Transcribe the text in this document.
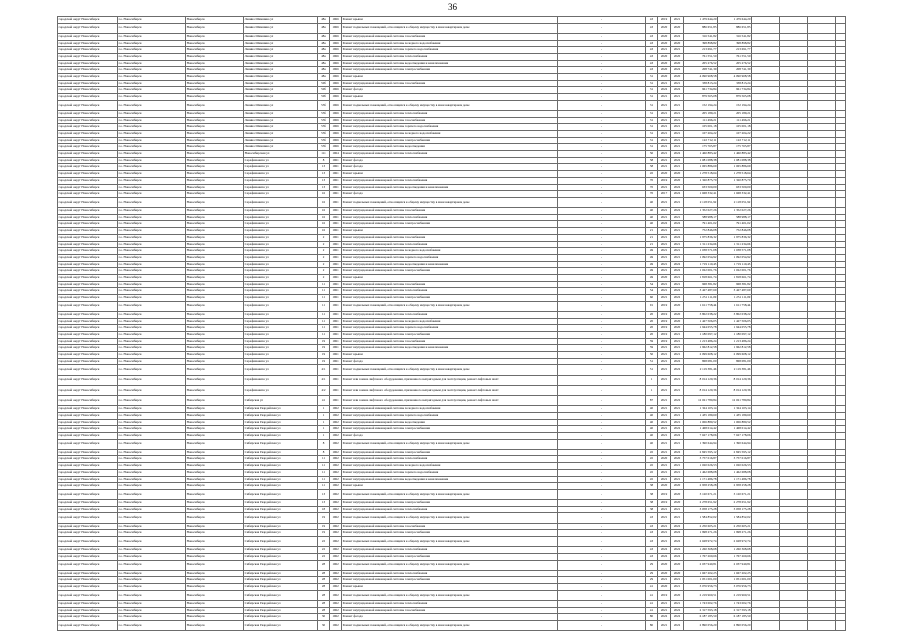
36
городской округ Новосибирск	г.о. Новосибирск	Новосибирск	Ленина Шамшина ул	48а	1966	Ремонт крыши	-	43	2019	2021	1 479 644,20	1 479 644,20				
городской округ Новосибирск	г.о. Новосибирск	Новосибирск	Ленина Шамшина ул	48а	1966	Ремонт подвальных помещений, относящихся к общему имуществу в многоквартирном доме	-	43	2020	2020	886 651,85	886 651,85				
городской округ Новосибирск	г.о. Новосибирск	Новосибирск	Ленина Шамшина ул	48а	1966	Ремонт внутридомовой инженерной системы газоснабжения	-	43	2020	2022	316 541,82	316 541,82				
городской округ Новосибирск	г.о. Новосибирск	Новосибирск	Ленина Шамшина ул	48а	1966	Ремонт внутридомовой инженерной системы холодного водоснабжения	-	43	2020	2020	398 898,82	398 898,82				
городской округ Новосибирск	г.о. Новосибирск	Новосибирск	Ленина Шамшина ул	48а	1966	Ремонт внутридомовой инженерной системы горячего водоснабжения	-	43	2021	2021	213 691,77	213 691,77				
городской округ Новосибирск	г.о. Новосибирск	Новосибирск	Ленина Шамшина ул	48а	1966	Ремонт внутридомовой инженерной системы теплоснабжения	-	43	2020	2020	761 551,50	761 551,50				
городской округ Новосибирск	г.о. Новосибирск	Новосибирск	Ленина Шамшина ул	48а	1966	Ремонт внутридомовой инженерной системы водоотведения и канализования	-	43	2020	2020	205 276,52	205 276,52				
городской округ Новосибирск	г.о. Новосибирск	Новосибирск	Ленина Шамшина ул	48а	1966	Ремонт внутридомовой инженерной системы электроснабжения	-	43	2020	2022	208 741,39	208 741,39				
городской округ Новосибирск	г.о. Новосибирск	Новосибирск	Ленина Шамшина ул	48а	1966	Ремонт крыши	-	31	2020	2020	4 090 968,58	4 090 968,58				
городской округ Новосибирск	г.о. Новосибирск	Новосибирск	Ленина Шамшина ул	50б	1966	Ремонт внутридомовой инженерной системы газоснабжения	-	31	2021	2021	338 813,24	338 813,24				
городской округ Новосибирск	г.о. Новосибирск	Новосибирск	Ленина Шамшина ул	50б	1966	Ремонт фасада	-	31	2022	2022	961 734,84	961 734,84				
городской округ Новосибирск	г.о. Новосибирск	Новосибирск	Ленина Шамшина ул	50б	1966	Ремонт крыши	-	31	2021	2021	879 565,08	879 565,08				
городской округ Новосибирск	г.о. Новосибирск	Новосибирск	Ленина Шамшина ул	53б	1966	Ремонт подвальных помещений, относящихся к общему имуществу в многоквартирном доме	-	31	2021	2021	152 194,24	152 194,24				
городской округ Новосибирск	г.о. Новосибирск	Новосибирск	Ленина Шамшина ул	53б	1966	Ремонт внутридомовой инженерной системы теплоснабжения	-	31	2021	2021	205 189,21	205 189,21				
городской округ Новосибирск	г.о. Новосибирск	Новосибирск	Ленина Шамшина ул	53б	1966	Ремонт внутридомовой инженерной системы газоснабжения	-	31	2021	2021	111 496,21	111 496,21				
городской округ Новосибирск	г.о. Новосибирск	Новосибирск	Ленина Шамшина ул	53б	1966	Ремонт внутридомовой инженерной системы горячего водоснабжения	-	31	2021	2021	105 001,18	105 001,18				
городской округ Новосибирск	г.о. Новосибирск	Новосибирск	Ленина Шамшина ул	53б	1966	Ремонт внутридомовой инженерной системы холодного водоснабжения	-	31	2021	2021	107 204,22	107 204,22				
городской округ Новосибирск	г.о. Новосибирск	Новосибирск	Ленина Шамшина ул	53б	1966	Ремонт внутридомовой инженерной системы электроснабжения	-	31	2021	2021	122 712,11	122 712,11				
городской округ Новосибирск	г.о. Новосибирск	Новосибирск	Ленина Шамшина ул	53б	1966	Ремонт внутридомовой инженерной системы водоотведения	-	31	2021	2021	175 765,87	175 765,87				
городской округ Новосибирск	г.о. Новосибирск	Новосибирск	Новосибирская ул	111	1964	Ремонт внутридомовой инженерной системы теплоснабжения	-	50	2021	2022	1 460 883,42	1 460 883,42				
городской округ Новосибирск	г.о. Новосибирск	Новосибирск	Серафимовича ул	8	1961	Ремонт фасада	-	58	2021	2022	1 081 088,38	1 081 088,38				
городской округ Новосибирск	г.о. Новосибирск	Новосибирск	Серафимовича ул	13	1961	Ремонт фасада	-	58	2021	2021	1 065 886,69	1 065 886,69				
городской округ Новосибирск	г.о. Новосибирск	Новосибирск	Серафимовича ул	13	1961	Ремонт крыши	-	45	2020	2020	1 278 518,64	1 278 518,64				
городской округ Новосибирск	г.о. Новосибирск	Новосибирск	Серафимовича ул	13	1961	Ремонт внутридомовой инженерной системы теплоснабжения	-	70	2019	2020	1 320 875,70	1 320 875,70				
городской округ Новосибирск	г.о. Новосибирск	Новосибирск	Серафимовича ул	13	1961	Ремонт внутридомовой инженерной системы водоотведения и канализования	-	70	2021	2022	633 500,00	633 500,00				
городской округ Новосибирск	г.о. Новосибирск	Новосибирск	Серафимовича ул	16	1961	Ремонт фасада	-	70	2017	2022	1 668 332,41	1 668 332,41				
городской округ Новосибирск	г.о. Новосибирск	Новосибирск	Серафимовича ул	16	1961	Ремонт подвальных помещений, относящихся к общему имуществу в многоквартирном доме	-	40	2021	2021	2 118 051,92	2 118 051,92				
городской округ Новосибирск	г.о. Новосибирск	Новосибирск	Серафимовича ул	16	1961	Ремонт внутридомовой инженерной системы газоснабжения	-	40	2021	2022	1 352 027,26	1 352 027,26				
городской округ Новосибирск	г.о. Новосибирск	Новосибирск	Серафимовича ул	16	1961	Ремонт внутридомовой инженерной системы теплоснабжения	-	40	2021	2021	588 988,17	588 988,17				
городской округ Новосибирск	г.о. Новосибирск	Новосибирск	Серафимовича ул	16	1961	Ремонт внутридомовой инженерной системы электроснабжения	-	40	2022	2022	791 401,02	791 401,02				
городской округ Новосибирск	г.о. Новосибирск	Новосибирск	Серафимовича ул	16	1961	Ремонт крыши	-	21	2021	2021	752 846,08	752 846,08				
городской округ Новосибирск	г.о. Новосибирск	Новосибирск	Серафимовича ул	2	1961	Ремонт внутридомовой инженерной системы газоснабжения	-	21	2021	2022	1 975 836,32	1 975 836,32				
городской округ Новосибирск	г.о. Новосибирск	Новосибирск	Серафимовича ул	2	1961	Ремонт внутридомовой инженерной системы теплоснабжения	-	21	2021	2021	1 311 234,66	1 311 234,66				
городской округ Новосибирск	г.о. Новосибирск	Новосибирск	Серафимовича ул	2	1961	Ремонт внутридомовой инженерной системы холодного водоснабжения	-	49	2021	2021	1 038 571,08	1 038 571,08				
городской округ Новосибирск	г.о. Новосибирск	Новосибирск	Серафимовича ул	2	1961	Ремонт внутридомовой инженерной системы горячего водоснабжения	-	49	2021	2021	1 092 054,92	1 092 054,92				
городской округ Новосибирск	г.о. Новосибирск	Новосибирск	Серафимовича ул	2	1961	Ремонт внутридомовой инженерной системы водоотведения и канализования	-	49	2021	2022	1 719 110,43	1 719 110,43				
городской округ Новосибирск	г.о. Новосибирск	Новосибирск	Серафимовича ул	2	1961	Ремонт внутридомовой инженерной системы электроснабжения	-	49	2021	2022	1 022 001,76	1 022 001,76				
городской округ Новосибирск	г.о. Новосибирск	Новосибирск	Серафимовича ул	2	1961	Ремонт крыши	-	49	2020	2021	1 818 661,74	1 818 661,74				
городской округ Новосибирск	г.о. Новосибирск	Новосибирск	Серафимовича ул	11	1961	Ремонт внутридомовой инженерной системы газоснабжения	-	54	2021	2021	968 381,82	968 381,82				
городской округ Новосибирск	г.о. Новосибирск	Новосибирск	Серафимовича ул	11	1961	Ремонт внутридомовой инженерной системы теплоснабжения	-	54	2021	2022	3 427 487,69	3 427 487,69				
городской округ Новосибирск	г.о. Новосибирск	Новосибирск	Серафимовича ул	11	1961	Ремонт внутридомовой инженерной системы электроснабжения	-	60	2021	2022	1 251 111,09	1 251 111,09				
городской округ Новосибирск	г.о. Новосибирск	Новосибирск	Серафимовича ул	11	1961	Ремонт подвальных помещений, относящихся к общему имуществу в многоквартирном доме	-	91	2019	2020	1 611 758,44	1 611 758,44				
городской округ Новосибирск	г.о. Новосибирск	Новосибирск	Серафимовича ул	11	1961	Ремонт внутридомовой инженерной системы теплоснабжения	-	20	2019	2020	3 802 038,22	3 802 038,22				
городской округ Новосибирск	г.о. Новосибирск	Новосибирск	Серафимовича ул	11	1961	Ремонт внутридомовой инженерной системы холодного водоснабжения	-	20	2019	2020	1 427 506,05	1 427 506,05				
городской округ Новосибирск	г.о. Новосибирск	Новосибирск	Серафимовича ул	11	1961	Ремонт внутридомовой инженерной системы горячего водоснабжения	-	20	2019	2020	1 944 055,78	1 944 055,78				
городской округ Новосибирск	г.о. Новосибирск	Новосибирск	Серафимовича ул	11	1961	Ремонт внутридомовой инженерной системы электроснабжения	-	20	2019	2021	1 180 097,12	1 180 097,12				
городской округ Новосибирск	г.о. Новосибирск	Новосибирск	Серафимовича ул	19	1961	Ремонт внутридомовой инженерной системы газоснабжения	-	59	2019	2021	1 213 486,24	1 213 486,24				
городской округ Новосибирск	г.о. Новосибирск	Новосибирск	Серафимовича ул	19	1961	Ремонт внутридомовой инженерной системы водоотведения и канализования	-	59	2021	2021	1 962 812,58	1 962 812,58				
городской округ Новосибирск	г.о. Новосибирск	Новосибирск	Серафимовича ул	19	1961	Ремонт крыши	-	50	2021	2021	2 099 608,12	2 099 608,12				
городской округ Новосибирск	г.о. Новосибирск	Новосибирск	Серафимовича ул	19	1961	Ремонт фасада	-	51	2021	2022	868 081,00	868 081,00				
городской округ Новосибирск	г.о. Новосибирск	Новосибирск	Серафимовича ул	4/1	1961	Ремонт подвальных помещений, относящихся к общему имуществу в многоквартирном доме	-	51	2021	2022	2 119 381,46	2 119 381,46				
городской округ Новосибирск	г.о. Новосибирск	Новосибирск	Серафимовича ул	4/1	1961	Ремонт или замена лифтового оборудования, признанного непригодным для эксплуатации, ремонт лифтовых шахт	-	1	2021	2021	8 014 120,36	8 014 120,36				
городской округ Новосибирск	г.о. Новосибирск	Новосибирск	Серафимовича ул	4/2	1961	Ремонт или замена лифтового оборудования, признанного непригодным для эксплуатации, ремонт лифтовых шахт	-	1	2021	2021	8 014 120,36	8 014 120,36				
городской округ Новосибирск	г.о. Новосибирск	Новосибирск	Сибирская ул	41	1961	Ремонт или замена лифтового оборудования, признанного непригодным для эксплуатации, ремонт лифтовых шахт	-	87	2021	2022	12 021 780,84	12 021 780,84				
городской округ Новосибирск	г.о. Новосибирск	Новосибирск	Сибирская Гвардейская ул	1	1962	Ремонт внутридомовой инженерной системы холодного водоснабжения	-	40	2021	2021	1 324 103,14	1 324 103,14				
городской округ Новосибирск	г.о. Новосибирск	Новосибирск	Сибирская Гвардейская ул	1	1962	Ремонт внутридомовой инженерной системы горячего водоснабжения	-	40	2021	2021	1 435 189,60	1 435 189,60				
городской округ Новосибирск	г.о. Новосибирск	Новосибирск	Сибирская Гвардейская ул	1	1962	Ремонт внутридомовой инженерной системы водоотведения	-	40	2021	2021	1 006 880,52	1 006 880,52				
городской округ Новосибирск	г.о. Новосибирск	Новосибирск	Сибирская Гвардейская ул	1	1962	Ремонт внутридомовой инженерной системы электроснабжения	-	40	2021	2022	1 468 014,42	1 468 014,42				
городской округ Новосибирск	г.о. Новосибирск	Новосибирск	Сибирская Гвардейская ул	1	1962	Ремонт фасада	-	40	2021	2022	7 627 178,06	7 627 178,06				
городской округ Новосибирск	г.о. Новосибирск	Новосибирск	Сибирская Гвардейская ул	8	1962	Ремонт подвальных помещений, относящихся к общему имуществу в многоквартирном доме	-	40	2021	2021	1 390 644,94	1 390 644,94				
городской округ Новосибирск	г.о. Новосибирск	Новосибирск	Сибирская Гвардейская ул	8	1962	Ремонт внутридомовой инженерной системы электроснабжения	-	45	2021	2022	2 845 595,12	2 845 595,12				
городской округ Новосибирск	г.о. Новосибирск	Новосибирск	Сибирская Гвардейская ул	11	1962	Ремонт внутридомовой инженерной системы теплоснабжения	-	45	2020	2020	3 757 016,87	3 757 016,87				
городской округ Новосибирск	г.о. Новосибирск	Новосибирск	Сибирская Гвардейская ул	11	1962	Ремонт внутридомовой инженерной системы холодного водоснабжения	-	45	2021	2021	1 020 026,53	1 020 026,53				
городской округ Новосибирск	г.о. Новосибирск	Новосибирск	Сибирская Гвардейская ул	11	1962	Ремонт внутридомовой инженерной системы горячего водоснабжения	-	45	2021	2021	1 462 688,08	1 462 688,08				
городской округ Новосибирск	г.о. Новосибирск	Новосибирск	Сибирская Гвардейская ул	11	1962	Ремонт внутридомовой инженерной системы водоотведения и канализования	-	45	2021	2021	1 171 486,78	1 171 486,78				
городской округ Новосибирск	г.о. Новосибирск	Новосибирск	Сибирская Гвардейская ул	11	1962	Ремонт крыши	-	38	2020	2020	2 958 258,28	2 958 258,28				
городской округ Новосибирск	г.о. Новосибирск	Новосибирск	Сибирская Гвардейская ул	13	1962	Ремонт подвальных помещений, относящихся к общему имуществу в многоквартирном доме	-	38	2019	2020	3 120 671,21	3 120 671,21				
городской округ Новосибирск	г.о. Новосибирск	Новосибирск	Сибирская Гвардейская ул	13	1962	Ремонт внутридомовой инженерной системы электроснабжения	-	38	2019	2020	2 278 651,92	2 278 651,92				
городской округ Новосибирск	г.о. Новосибирск	Новосибирск	Сибирская Гвардейская ул	18	1962	Ремонт внутридомовой инженерной системы теплоснабжения	-	38	2021	2021	3 058 175,28	3 058 175,28				
городской округ Новосибирск	г.о. Новосибирск	Новосибирск	Сибирская Гвардейская ул	19	1962	Ремонт подвальных помещений, относящихся к общему имуществу в многоквартирном доме	-	43	2021	2021	1 584 852,02	1 584 852,02				
городской округ Новосибирск	г.о. Новосибирск	Новосибирск	Сибирская Гвардейская ул	19	1962	Ремонт внутридомовой инженерной системы газоснабжения	-	43	2021	2022	2 250 605,21	2 250 605,21				
городской округ Новосибирск	г.о. Новосибирск	Новосибирск	Сибирская Гвардейская ул	19	1962	Ремонт внутридомовой инженерной системы электроснабжения	-	43	2021	2022	1 998 271,26	1 998 271,26				
городской округ Новосибирск	г.о. Новосибирск	Новосибирск	Сибирская Гвардейская ул	22	1962	Ремонт подвальных помещений, относящихся к общему имуществу в многоквартирном доме	-	43	2021	2022	2 628 972,74	2 628 972,74				
городской округ Новосибирск	г.о. Новосибирск	Новосибирск	Сибирская Гвардейская ул	22	1962	Ремонт внутридомовой инженерной системы теплоснабжения	-	43	2022	2022	1 260 368,68	1 260 368,68				
городской округ Новосибирск	г.о. Новосибирск	Новосибирск	Сибирская Гвардейская ул	22	1962	Ремонт внутридомовой инженерной системы электроснабжения	-	43	2022	2022	1 767 260,66	1 767 260,66				
городской округ Новосибирск	г.о. Новосибирск	Новосибирск	Сибирская Гвардейская ул	28	1962	Ремонт подвальных помещений, относящихся к общему имуществу в многоквартирном доме	-	29	2020	2020	2 037 940,81	2 037 940,81				
городской округ Новосибирск	г.о. Новосибирск	Новосибирск	Сибирская Гвардейская ул	28	1962	Ремонт внутридомовой инженерной системы теплоснабжения	-	29	2020	2020	1 667 202,25	1 667 202,25				
городской округ Новосибирск	г.о. Новосибирск	Новосибирск	Сибирская Гвардейская ул	28	1962	Ремонт внутридомовой инженерной системы электроснабжения	-	29	2021	2021	1 051 001,00	1 051 001,00				
городской округ Новосибирск	г.о. Новосибирск	Новосибирск	Сибирская Гвардейская ул	28	1962	Ремонт крыши	-	41	2020	2021	3 076 956,73	3 076 956,73				
городской округ Новосибирск	г.о. Новосибирск	Новосибирск	Сибирская Гвардейская ул	28	1962	Ремонт подвальных помещений, относящихся к общему имуществу в многоквартирном доме	-	41	2019	2020	2 219 960,51	2 219 960,51				
городской округ Новосибирск	г.о. Новосибирск	Новосибирск	Сибирская Гвардейская ул	28	1962	Ремонт внутридомовой инженерной системы теплоснабжения	-	41	2021	2021	1 743 002,76	1 743 002,76				
городской округ Новосибирск	г.о. Новосибирск	Новосибирск	Сибирская Гвардейская ул	28	1962	Ремонт внутридомовой инженерной системы газоснабжения	-	41	2021	2022	2 317 593,18	2 317 593,18				
городской округ Новосибирск	г.о. Новосибирск	Новосибирск	Сибирская Гвардейская ул	30	1962	Ремонт фасада	-	80	2022	2022	6 187 185,50	6 187 185,50				
городской округ Новосибирск	г.о. Новосибирск	Новосибирск	Сибирская Гвардейская ул	30	1962	Ремонт подвальных помещений, относящихся к общему имуществу в многоквартирном доме	-	80	2021	2022	2 890 056,20	2 890 056,20				
